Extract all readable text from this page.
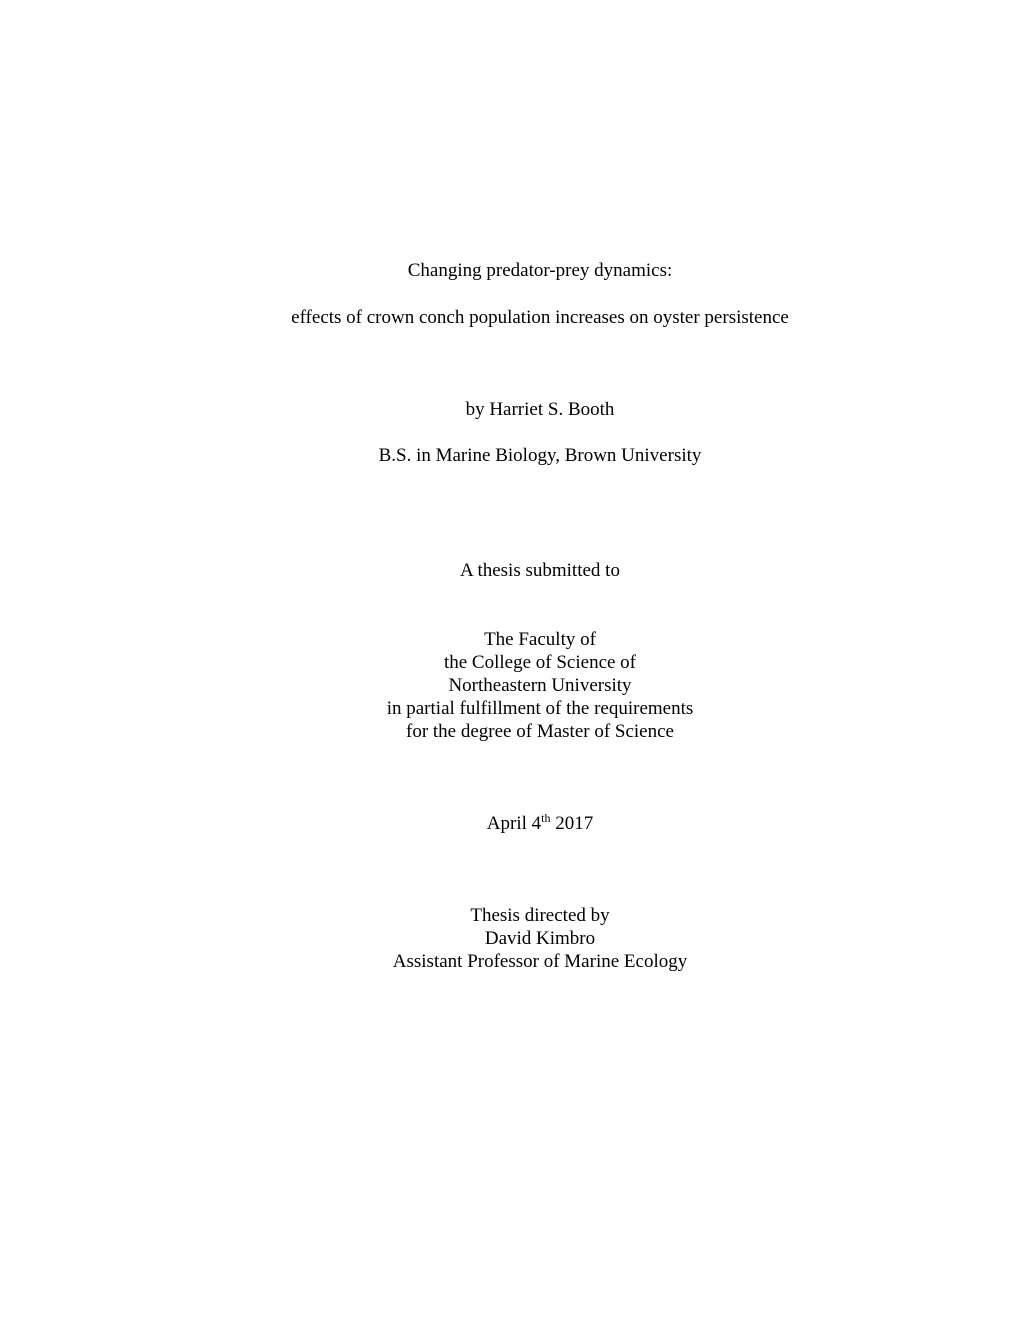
Changing predator-prey dynamics:
effects of crown conch population increases on oyster persistence
by Harriet S. Booth
B.S. in Marine Biology, Brown University
A thesis submitted to
The Faculty of
the College of Science of
Northeastern University
in partial fulfillment of the requirements
for the degree of Master of Science
April 4th 2017
Thesis directed by
David Kimbro
Assistant Professor of Marine Ecology
